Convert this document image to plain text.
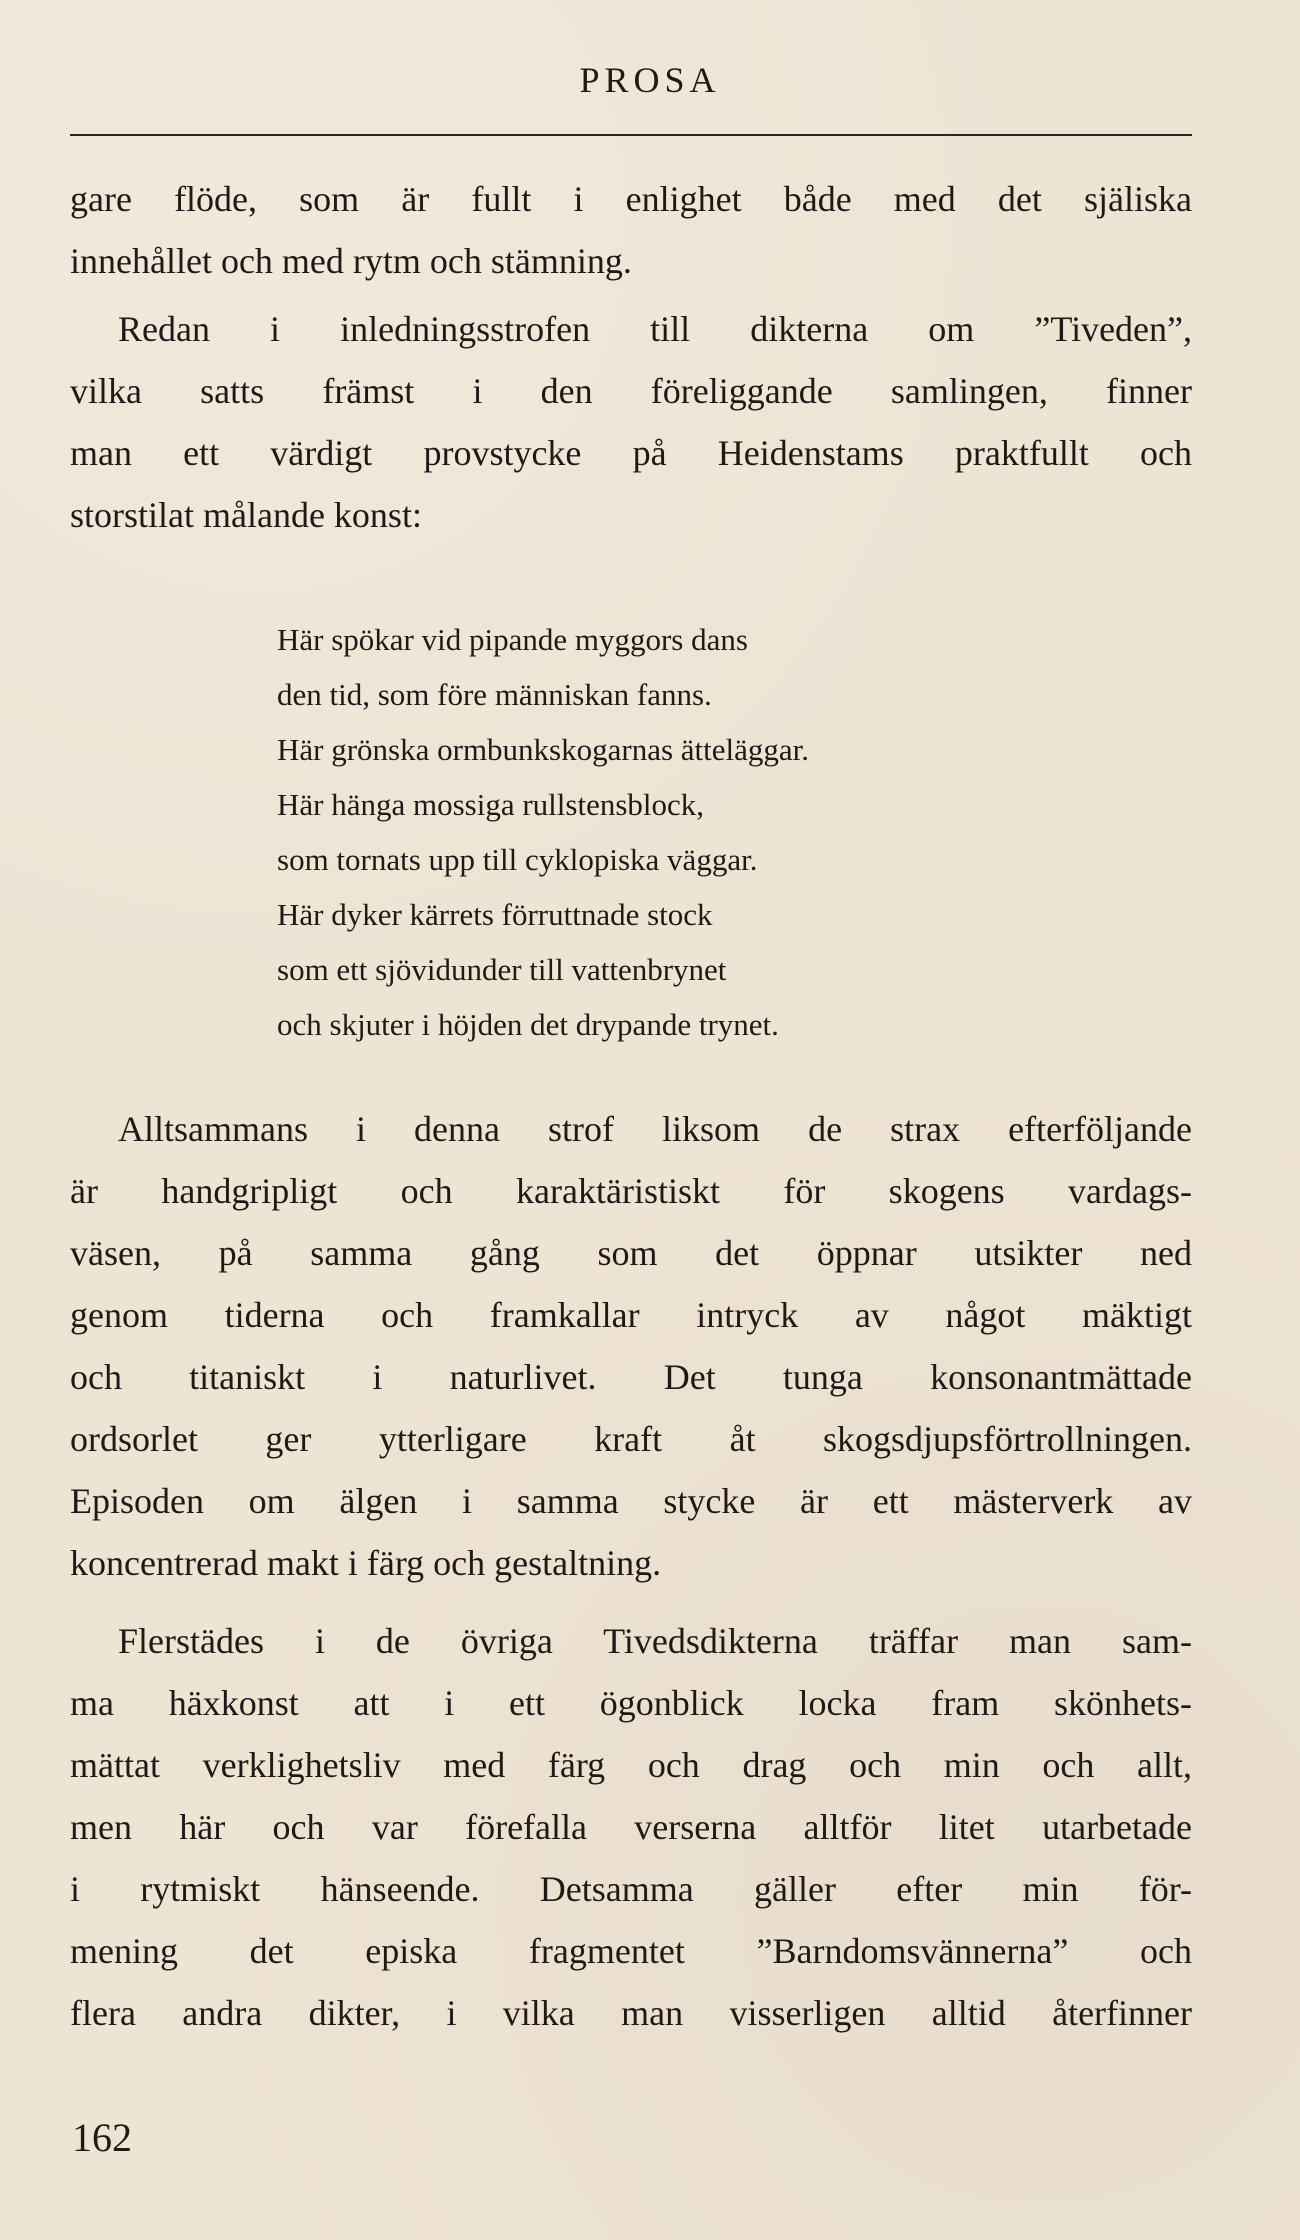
PROSA
gare flöde, som är fullt i enlighet både med det själiska
innehållet och med rytm och stämning.
Redan i inledningsstrofen till dikterna om ”Tiveden”,
vilka satts främst i den föreliggande samlingen, finner
man ett värdigt provstycke på Heidenstams praktfullt och
storstilat målande konst:
Här spökar vid pipande myggors dans
den tid, som före människan fanns.
Här grönska ormbunkskogarnas ätteläggar.
Här hänga mossiga rullstensblock,
som tornats upp till cyklopiska väggar.
Här dyker kärrets förruttnade stock
som ett sjövidunder till vattenbrynet
och skjuter i höjden det drypande trynet.
Alltsammans i denna strof liksom de strax efterföljande
är handgripligt och karaktäristiskt för skogens vardags-
väsen, på samma gång som det öppnar utsikter ned
genom tiderna och framkallar intryck av något mäktigt
och titaniskt i naturlivet. Det tunga konsonantmättade
ordsorlet ger ytterligare kraft åt skogsdjupsförtrollningen.
Episoden om älgen i samma stycke är ett mästerverk av
koncentrerad makt i färg och gestaltning.
Flerstädes i de övriga Tivedsdikterna träffar man sam-
ma häxkonst att i ett ögonblick locka fram skönhets-
mättat verklighetsliv med färg och drag och min och allt,
men här och var förefalla verserna alltför litet utarbetade
i rytmiskt hänseende. Detsamma gäller efter min för-
mening det episka fragmentet ”Barndomsvännerna” och
flera andra dikter, i vilka man visserligen alltid återfinner
162
